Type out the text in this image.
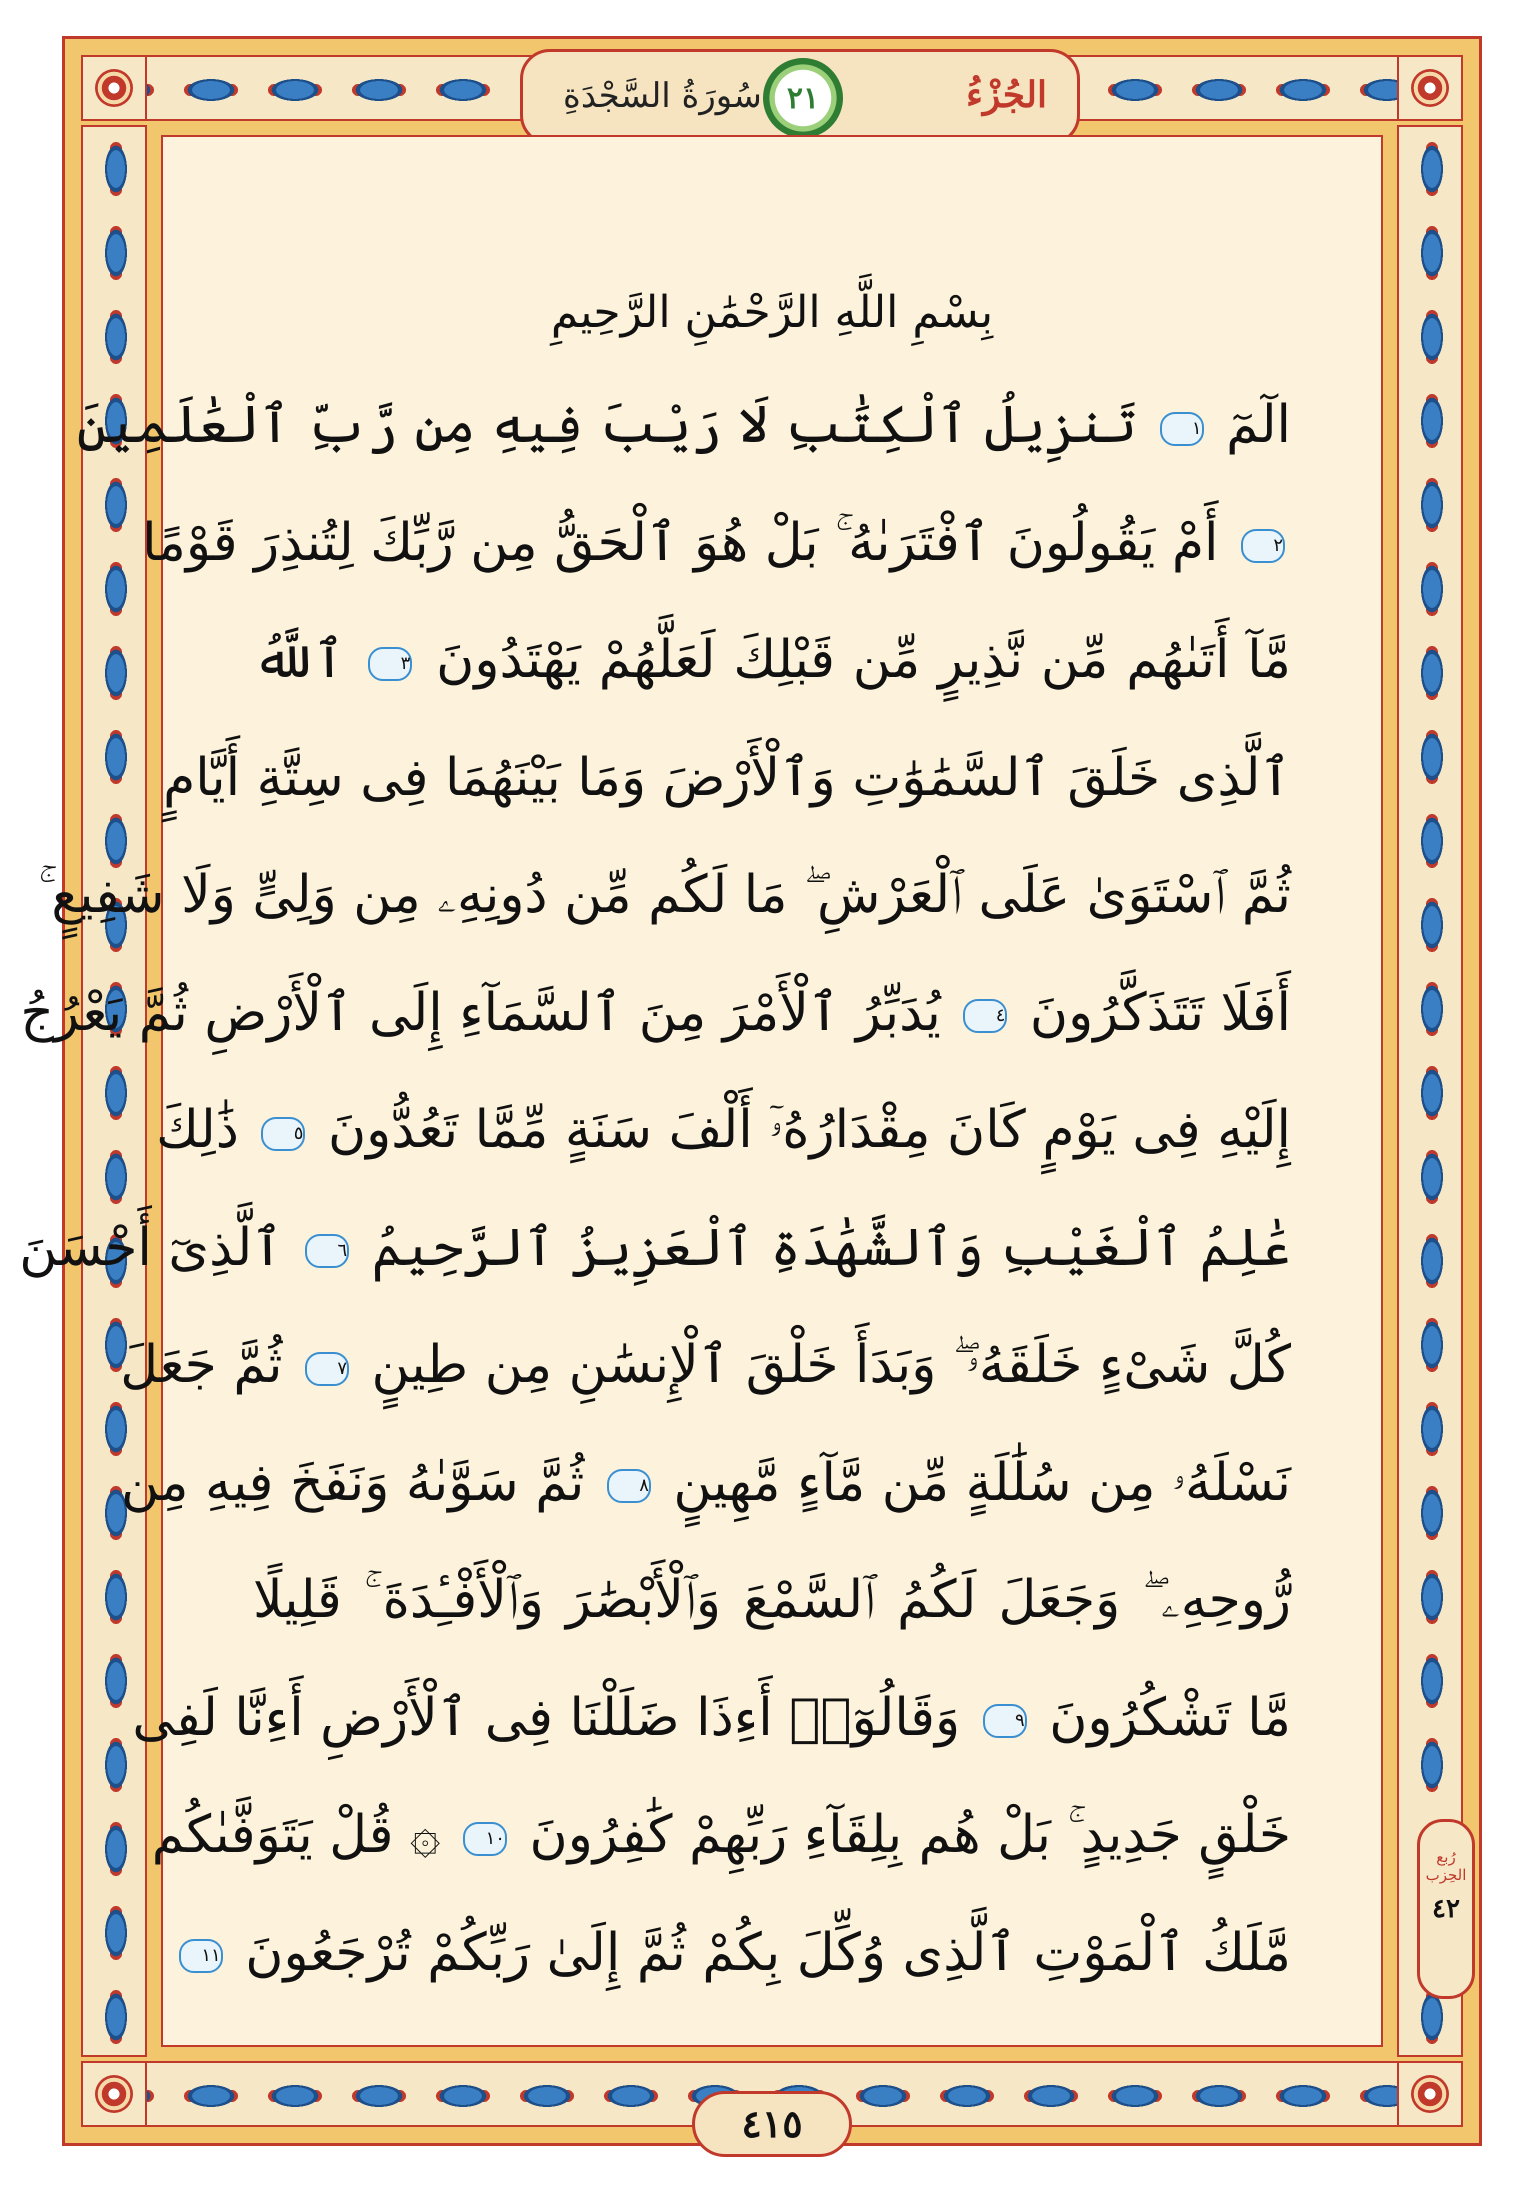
الجُزْءُ
٢١
سُورَةُ السَّجْدَةِ
بِسْمِ اللَّهِ الرَّحْمَٰنِ الرَّحِيمِ
الٓمٓ ١ تَنزِيلُ ٱلْكِتَٰبِ لَا رَيْبَ فِيهِ مِن رَّبِّ ٱلْعَٰلَمِينَ
٢ أَمْ يَقُولُونَ ٱفْتَرَىٰهُ ۚ بَلْ هُوَ ٱلْحَقُّ مِن رَّبِّكَ لِتُنذِرَ قَوْمًا
مَّآ أَتَىٰهُم مِّن نَّذِيرٍ مِّن قَبْلِكَ لَعَلَّهُمْ يَهْتَدُونَ ٣ ٱللَّهُ
ٱلَّذِى خَلَقَ ٱلسَّمَٰوَٰتِ وَٱلْأَرْضَ وَمَا بَيْنَهُمَا فِى سِتَّةِ أَيَّامٍ
ثُمَّ ٱسْتَوَىٰ عَلَى ٱلْعَرْشِ ۖ مَا لَكُم مِّن دُونِهِۦ مِن وَلِىٍّ وَلَا شَفِيعٍ ۚ
أَفَلَا تَتَذَكَّرُونَ ٤ يُدَبِّرُ ٱلْأَمْرَ مِنَ ٱلسَّمَآءِ إِلَى ٱلْأَرْضِ ثُمَّ يَعْرُجُ
إِلَيْهِ فِى يَوْمٍ كَانَ مِقْدَارُهُۥٓ أَلْفَ سَنَةٍ مِّمَّا تَعُدُّونَ ٥ ذَٰلِكَ
عَٰلِمُ ٱلْغَيْبِ وَٱلشَّهَٰدَةِ ٱلْعَزِيزُ ٱلرَّحِيمُ ٦ ٱلَّذِىٓ أَحْسَنَ
كُلَّ شَىْءٍ خَلَقَهُۥ ۖ وَبَدَأَ خَلْقَ ٱلْإِنسَٰنِ مِن طِينٍ ٧ ثُمَّ جَعَلَ
نَسْلَهُۥ مِن سُلَٰلَةٍ مِّن مَّآءٍ مَّهِينٍ ٨ ثُمَّ سَوَّىٰهُ وَنَفَخَ فِيهِ مِن
رُّوحِهِۦ ۖ وَجَعَلَ لَكُمُ ٱلسَّمْعَ وَٱلْأَبْصَٰرَ وَٱلْأَفْـِٔدَةَ ۚ قَلِيلًا
مَّا تَشْكُرُونَ ٩ وَقَالُوٓا۟ أَءِذَا ضَلَلْنَا فِى ٱلْأَرْضِ أَءِنَّا لَفِى
خَلْقٍ جَدِيدٍ ۚ بَلْ هُم بِلِقَآءِ رَبِّهِمْ كَٰفِرُونَ ١٠ ۞ قُلْ يَتَوَفَّىٰكُم
مَّلَكُ ٱلْمَوْتِ ٱلَّذِى وُكِّلَ بِكُمْ ثُمَّ إِلَىٰ رَبِّكُمْ تُرْجَعُونَ ١١
٤١٥
رُبع الحِزب
٤٢
